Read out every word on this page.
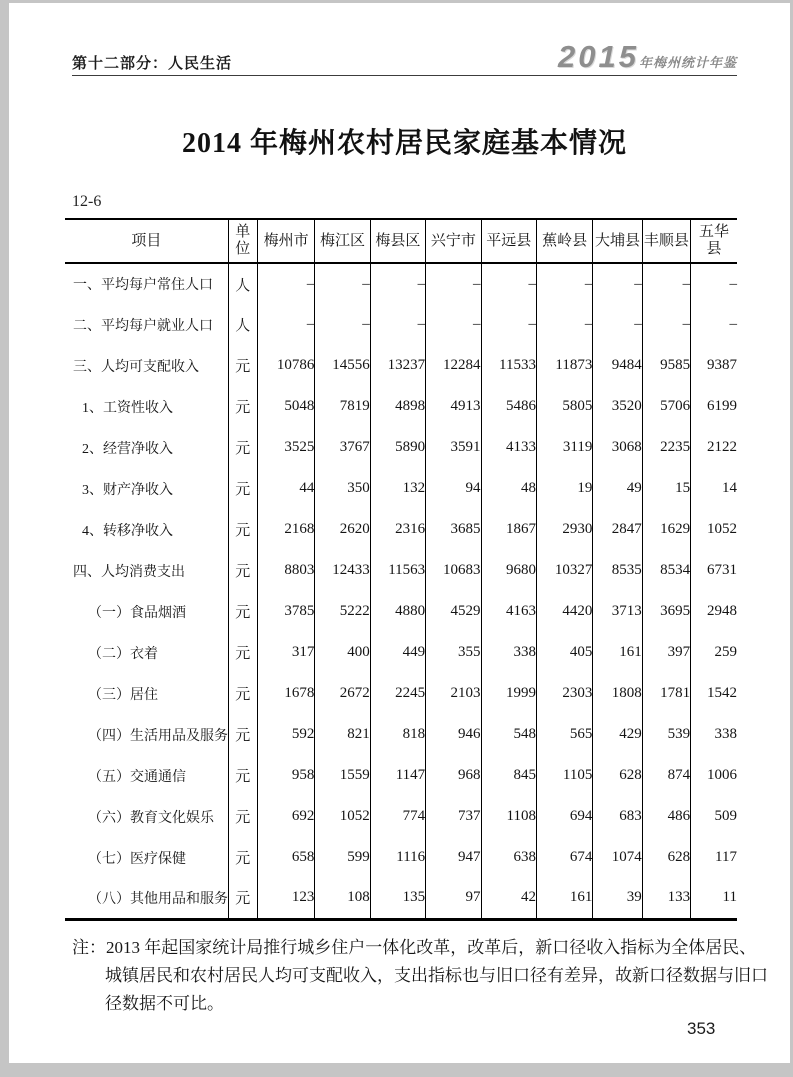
第十二部分：人民生活	2015年梅州统计年鉴
2014 年梅州农村居民家庭基本情况
12-6
项目	单位	梅州市	梅江区	梅县区	兴宁市	平远县	蕉岭县	大埔县	丰顺县	五华县
一、平均每户常住人口	人	–	–	–	–	–	–	–	–	–
二、平均每户就业人口	人	–	–	–	–	–	–	–	–	–
三、人均可支配收入	元	10786	14556	13237	12284	11533	11873	9484	9585	9387
1、工资性收入	元	5048	7819	4898	4913	5486	5805	3520	5706	6199
2、经营净收入	元	3525	3767	5890	3591	4133	3119	3068	2235	2122
3、财产净收入	元	44	350	132	94	48	19	49	15	14
4、转移净收入	元	2168	2620	2316	3685	1867	2930	2847	1629	1052
四、人均消费支出	元	8803	12433	11563	10683	9680	10327	8535	8534	6731
（一）食品烟酒	元	3785	5222	4880	4529	4163	4420	3713	3695	2948
（二）衣着	元	317	400	449	355	338	405	161	397	259
（三）居住	元	1678	2672	2245	2103	1999	2303	1808	1781	1542
（四）生活用品及服务	元	592	821	818	946	548	565	429	539	338
（五）交通通信	元	958	1559	1147	968	845	1105	628	874	1006
（六）教育文化娱乐	元	692	1052	774	737	1108	694	683	486	509
（七）医疗保健	元	658	599	1116	947	638	674	1074	628	117
（八）其他用品和服务	元	123	108	135	97	42	161	39	133	11
注：2013 年起国家统计局推行城乡住户一体化改革，改革后，新口径收入指标为全体居民、
城镇居民和农村居民人均可支配收入，支出指标也与旧口径有差异，故新口径数据与旧口
径数据不可比。
353
